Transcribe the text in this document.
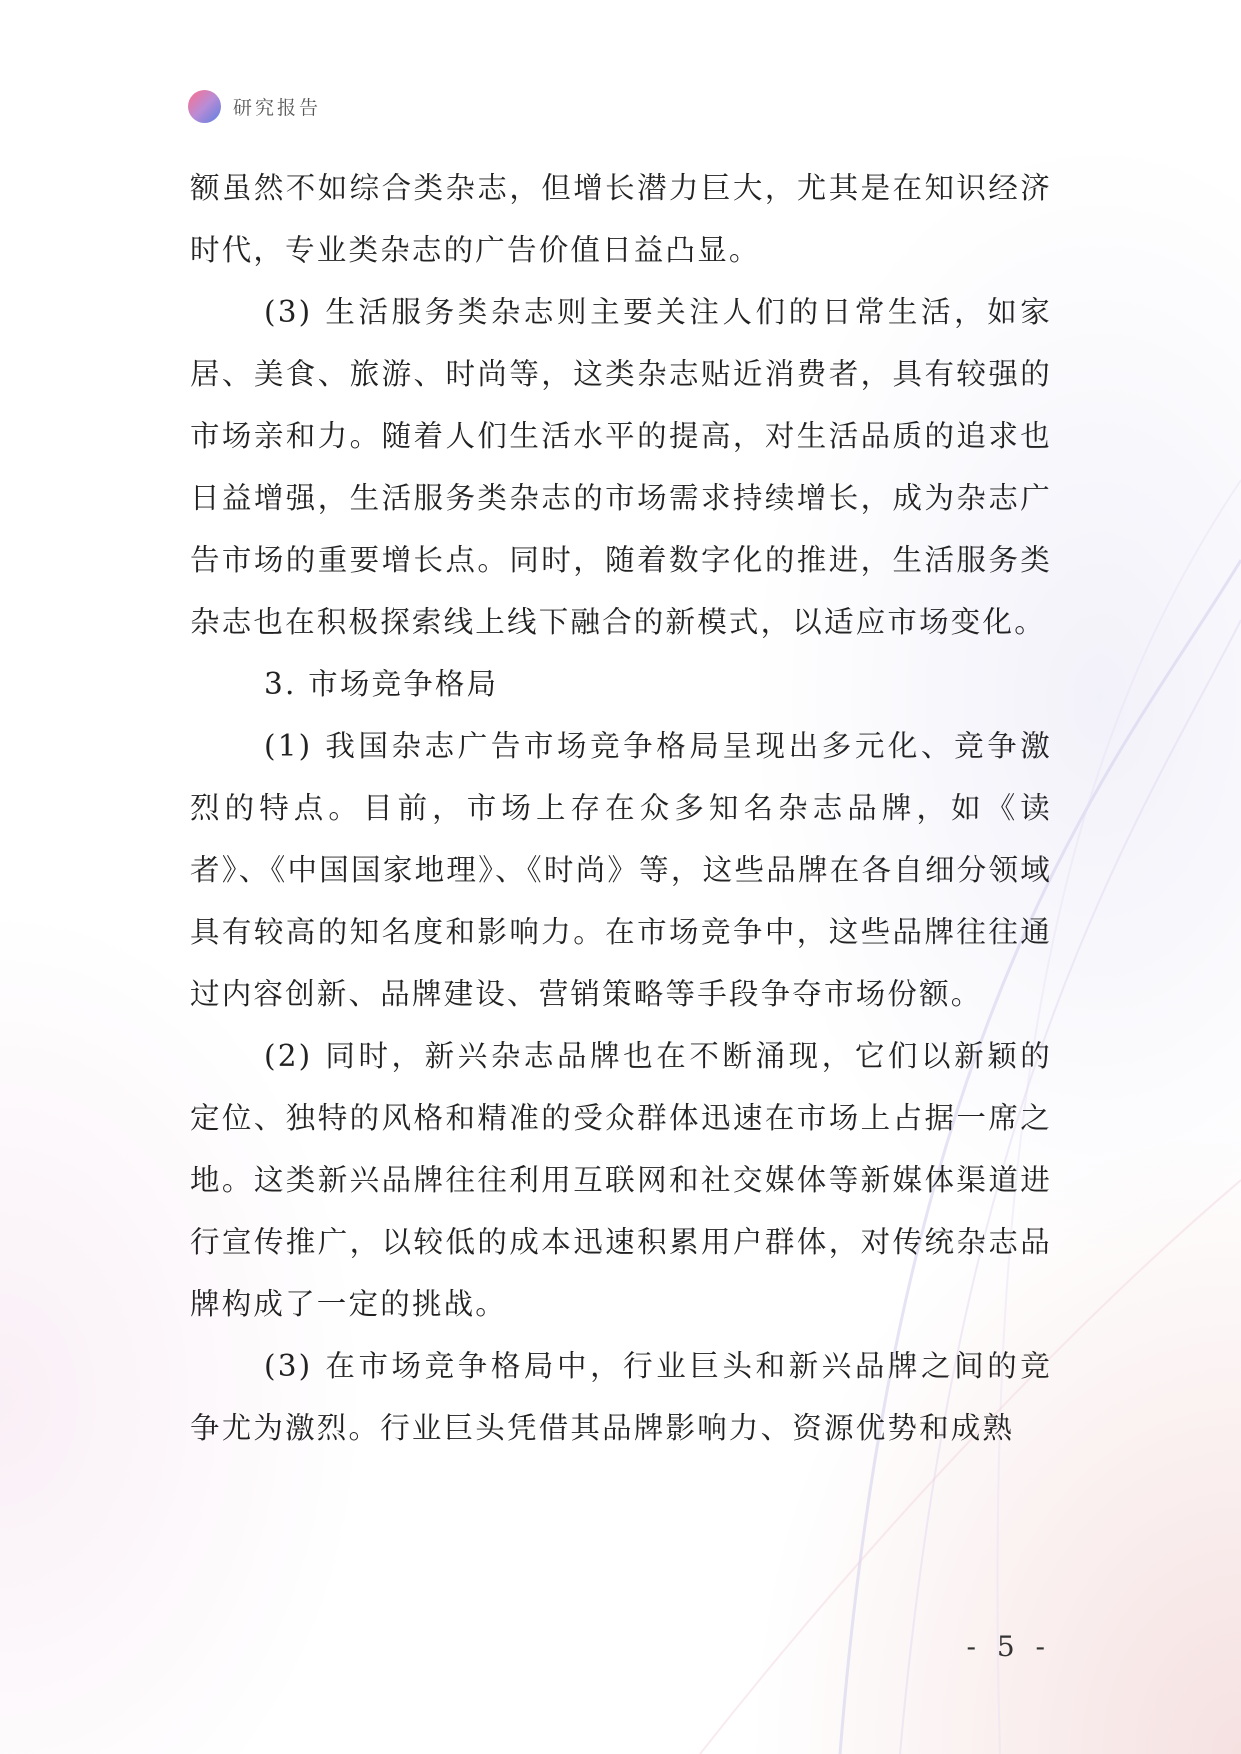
研究报告

额虽然不如综合类杂志，但增长潜力巨大，尤其是在知识经济时代，专业类杂志的广告价值日益凸显。

(3) 生活服务类杂志则主要关注人们的日常生活，如家居、美食、旅游、时尚等，这类杂志贴近消费者，具有较强的市场亲和力。随着人们生活水平的提高，对生活品质的追求也日益增强，生活服务类杂志的市场需求持续增长，成为杂志广告市场的重要增长点。同时，随着数字化的推进，生活服务类杂志也在积极探索线上线下融合的新模式，以适应市场变化。

3. 市场竞争格局

(1) 我国杂志广告市场竞争格局呈现出多元化、竞争激烈的特点。目前，市场上存在众多知名杂志品牌，如《读者》、《中国国家地理》、《时尚》等，这些品牌在各自细分领域具有较高的知名度和影响力。在市场竞争中，这些品牌往往通过内容创新、品牌建设、营销策略等手段争夺市场份额。

(2) 同时，新兴杂志品牌也在不断涌现，它们以新颖的定位、独特的风格和精准的受众群体迅速在市场上占据一席之地。这类新兴品牌往往利用互联网和社交媒体等新媒体渠道进行宣传推广，以较低的成本迅速积累用户群体，对传统杂志品牌构成了一定的挑战。

(3) 在市场竞争格局中，行业巨头和新兴品牌之间的竞争尤为激烈。行业巨头凭借其品牌影响力、资源优势和成熟

- 5 -
